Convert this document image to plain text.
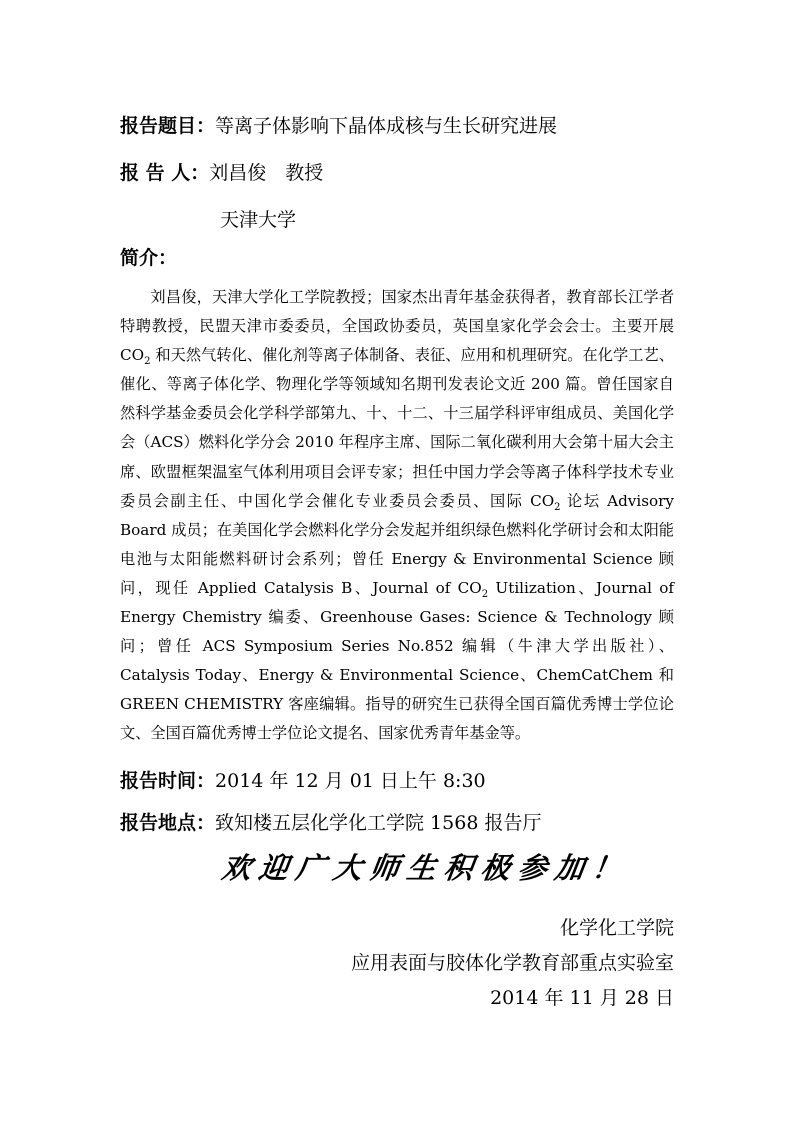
报告题目：等离子体影响下晶体成核与生长研究进展
报 告 人：刘昌俊　教授
天津大学
简介：
刘昌俊，天津大学化工学院教授；国家杰出青年基金获得者，教育部长江学者特聘教授，民盟天津市委委员，全国政协委员，英国皇家化学会会士。主要开展 $CO_2$ 和天然气转化、催化剂等离子体制备、表征、应用和机理研究。在化学工艺、催化、等离子体化学、物理化学等领域知名期刊发表论文近 200 篇。曾任国家自然科学基金委员会化学科学部第九、十、十二、十三届学科评审组成员、美国化学会（ACS）燃料化学分会 2010 年程序主席、国际二氧化碳利用大会第十届大会主席、欧盟框架温室气体利用项目会评专家；担任中国力学会等离子体科学技术专业委员会副主任、中国化学会催化专业委员会委员、国际 $CO_2$ 论坛 Advisory Board 成员；在美国化学会燃料化学分会发起并组织绿色燃料化学研讨会和太阳能电池与太阳能燃料研讨会系列；曾任 Energy & Environmental Science 顾问，现任 Applied Catalysis B、Journal of $CO_2$ Utilization、Journal of Energy Chemistry 编委、Greenhouse Gases: Science & Technology 顾问；曾任 ACS Symposium Series No.852 编辑（牛津大学出版社）、Catalysis Today、Energy & Environmental Science、ChemCatChem 和 GREEN CHEMISTRY 客座编辑。指导的研究生已获得全国百篇优秀博士学位论文、全国百篇优秀博士学位论文提名、国家优秀青年基金等。
报告时间：2014 年 12 月 01 日上午 8:30
报告地点：致知楼五层化学化工学院 1568 报告厅
欢迎广大师生积极参加！
化学化工学院
应用表面与胶体化学教育部重点实验室
2014 年 11 月 28 日
